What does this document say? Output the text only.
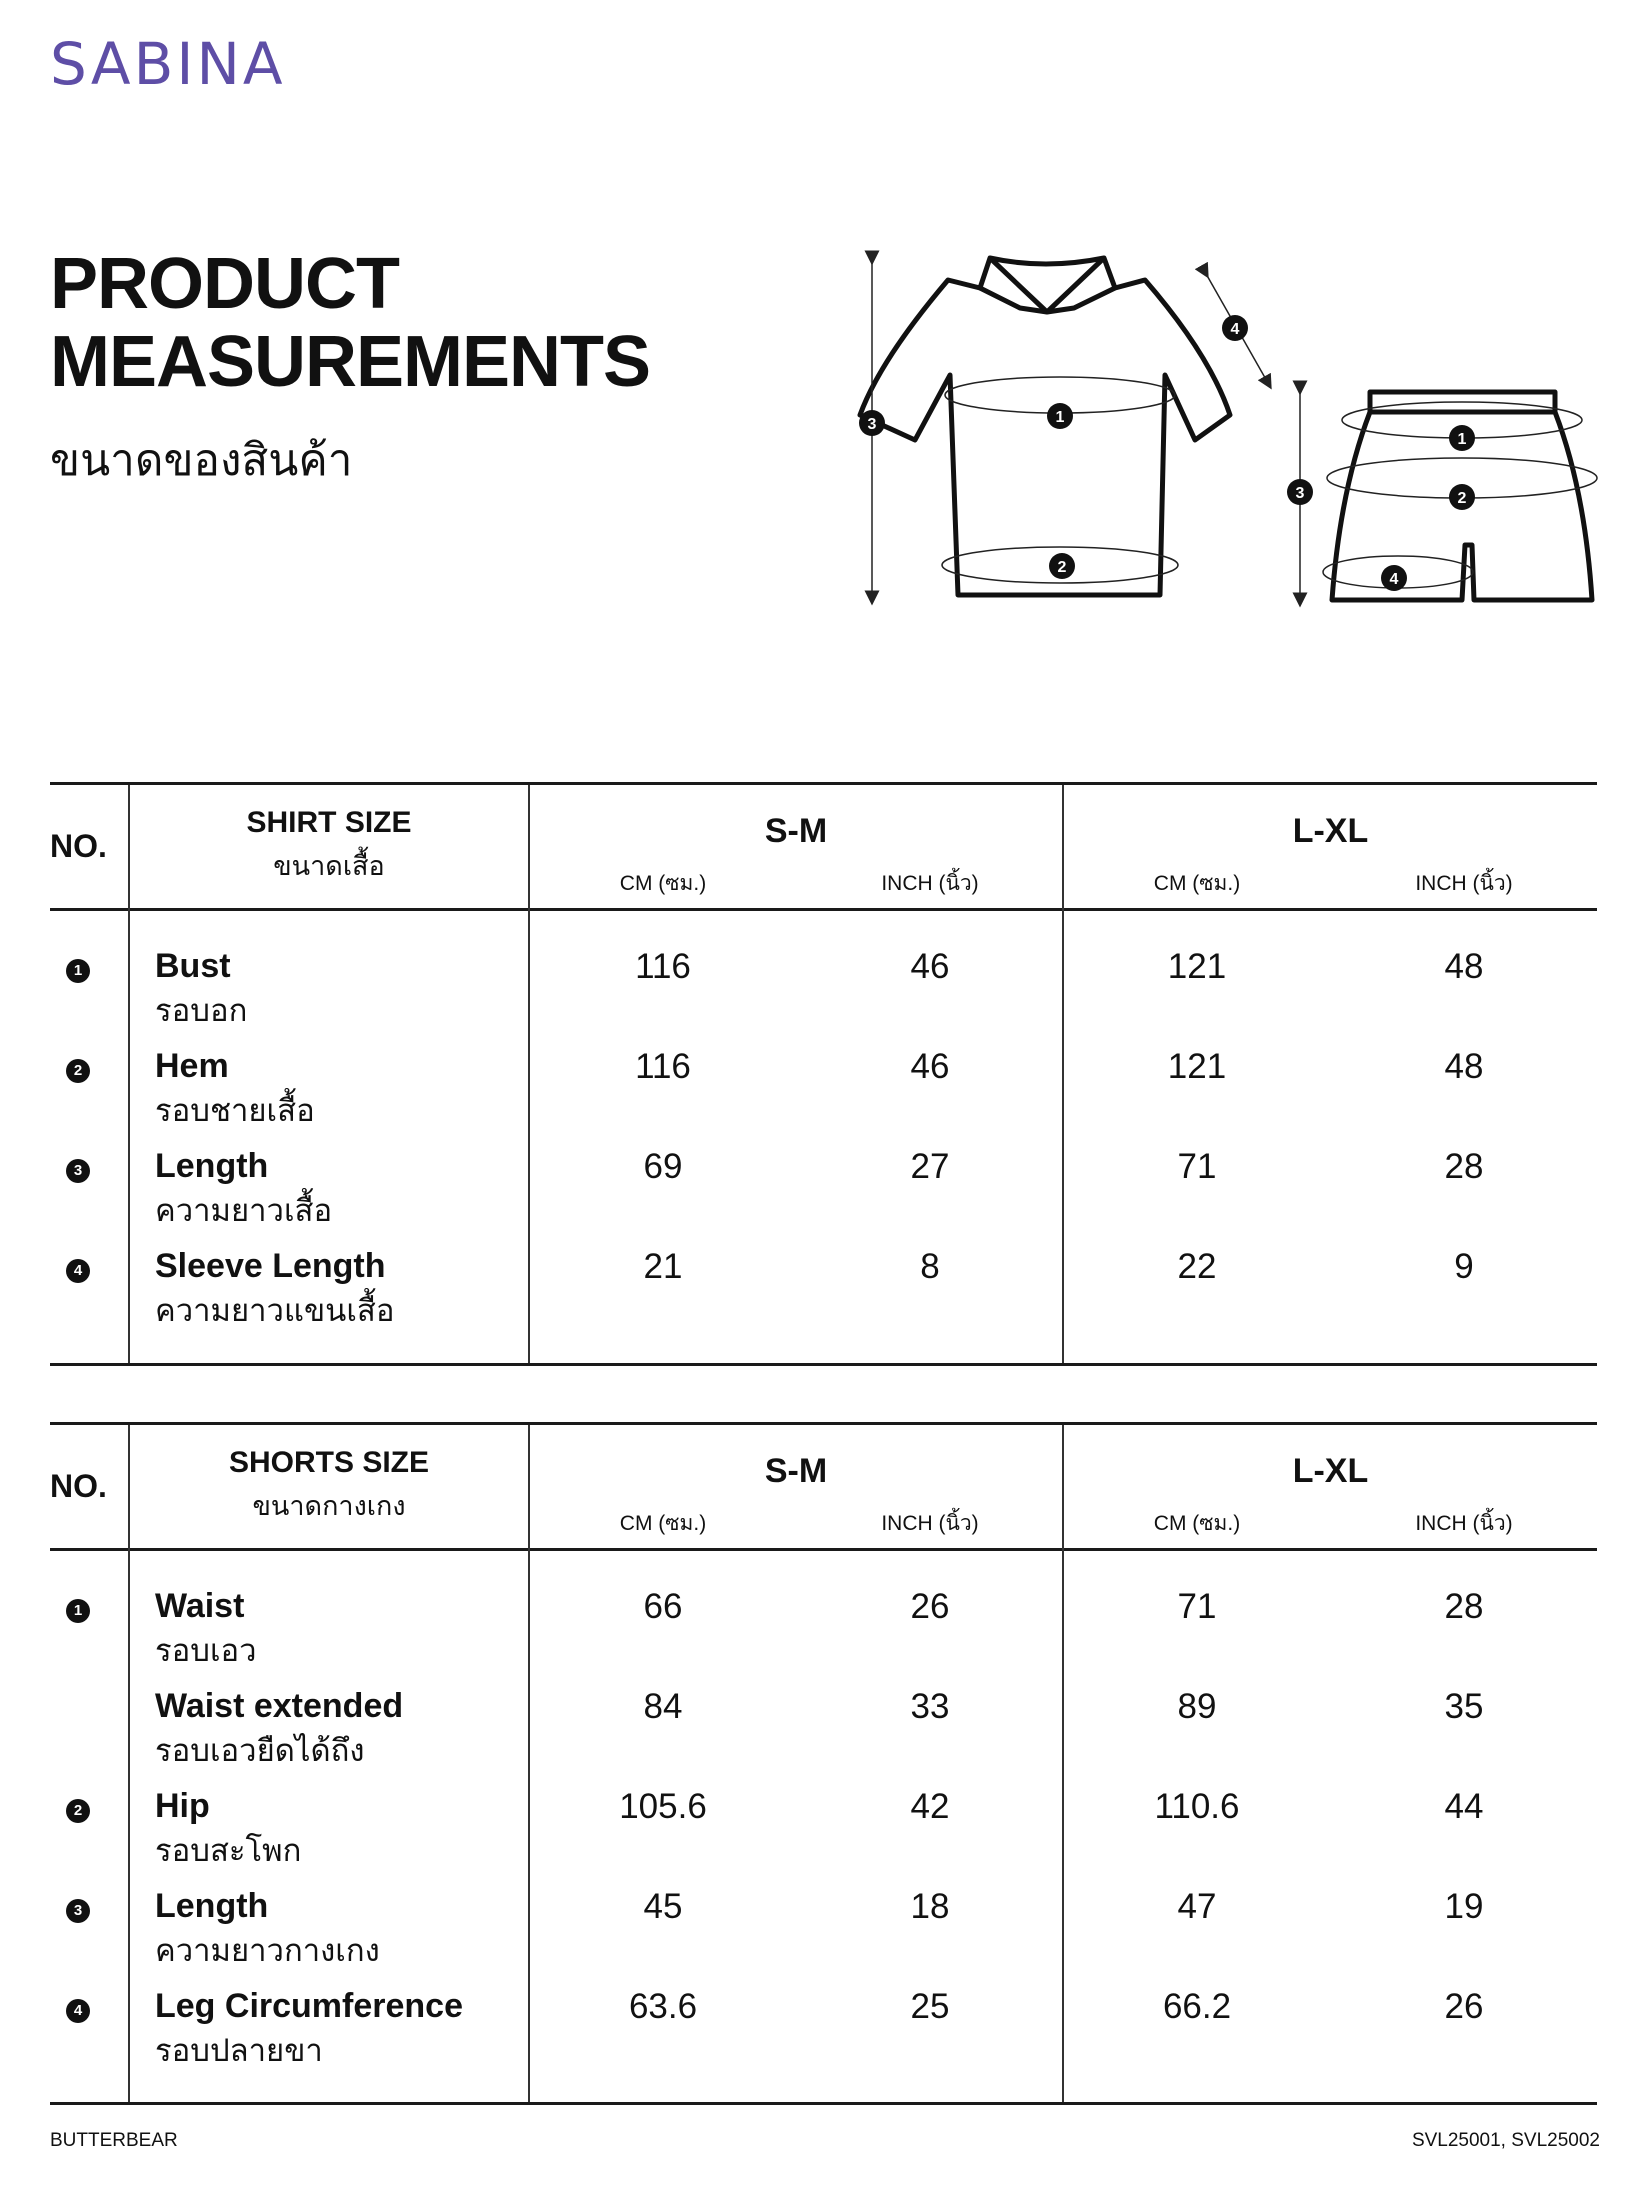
SABINA
PRODUCT
MEASUREMENTS
ขนาดของสินค้า
1
2
3
4
1
2
3
4
NO.
SHIRT SIZE
ขนาดเสื้อ
S-M	L-XL
CM (ซม.)	INCH (นิ้ว)	CM (ซม.)	INCH (นิ้ว)
1 Bust
รอบอก
116	46	121	48
2 Hem
รอบชายเสื้อ
116	46	121	48
3 Length
ความยาวเสื้อ
69	27	71	28
4 Sleeve Length
ความยาวแขนเสื้อ
21	8	22	9
NO.
SHORTS SIZE
ขนาดกางเกง
S-M	L-XL
CM (ซม.)	INCH (นิ้ว)	CM (ซม.)	INCH (นิ้ว)
1 Waist
รอบเอว
66	26	71	28
Waist extended
รอบเอวยืดได้ถึง
84	33	89	35
2 Hip
รอบสะโพก
105.6	42	110.6	44
3 Length
ความยาวกางเกง
45	18	47	19
4 Leg Circumference
รอบปลายขา
63.6	25	66.2	26
BUTTERBEAR	SVL25001, SVL25002
